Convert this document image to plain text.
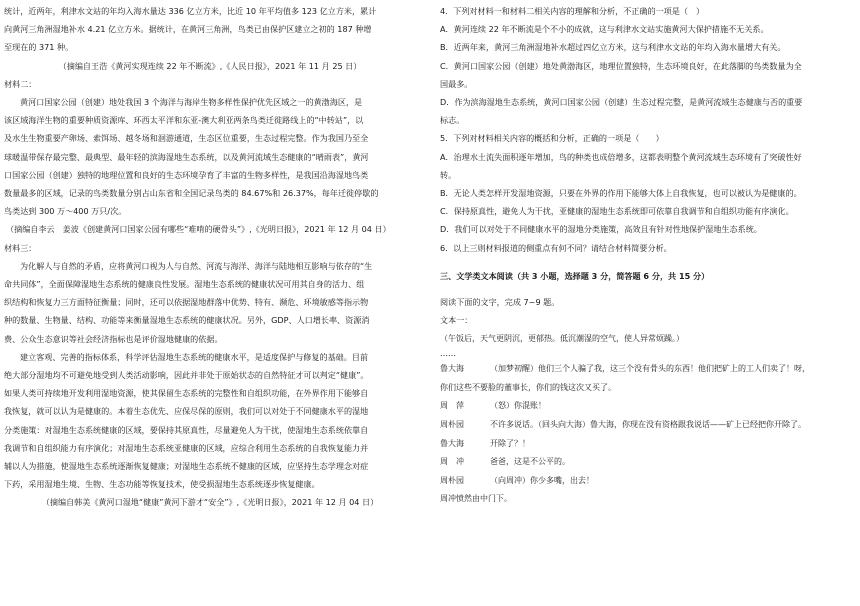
统计，近两年，利津水文站的年均入海水量达 336 亿立方米，比近 10 年平均值多 123 亿立方米，累计

向黄河三角洲湿地补水 4.21 亿立方米。据统计，在黄河三角洲，鸟类已由保护区建立之初的 187 种增

至现在的 371 种。

（摘编自王浩《黄河实现连续 22 年不断流》,《人民日报》，2021 年 11 月 25 日）

材料二：

黄河口国家公园（创建）地处我国 3 个海洋与海岸生物多样性保护优先区域之一的黄渤海区，是

该区域海洋生物的重要种质资源库、环西太平洋和东亚-澳大利亚两条鸟类迁徙路线上的“中转站”，以

及水生生物重要产卵场、索饵场、越冬场和洄游通道，生态区位重要，生态过程完整。作为我国乃至全

球暖温带保存最完整、最典型、最年轻的滨海湿地生态系统，以及黄河流域生态健康的“晴雨表”，黄河

口国家公园（创建）独特的地理位置和良好的生态环境孕育了丰富的生物多样性，是我国沿海湿地鸟类

数量最多的区域，记录的鸟类数量分别占山东省和全国记录鸟类的 84.67%和 26.37%，每年迁徙停歇的

鸟类达到 300 万～400 万只/次。

（摘编自李云　姜波《创建黄河口国家公园有哪些“难啃的硬骨头”》,《光明日报》，2021 年 12 月 04 日）

材料三：

为化解人与自然的矛盾，应将黄河口视为人与自然、河流与海洋、海洋与陆地相互影响与依存的“生

命共同体”，全面保障湿地生态系统的健康良性发展。湿地生态系统的健康状况可用其自身的活力、组

织结构和恢复力三方面特征衡量；同时，还可以依据湿地群落中优势、特有、濒危、环境敏感等指示物

种的数量、生物量、结构、功能等来衡量湿地生态系统的健康状况。另外，GDP、人口增长率、资源消

费、公众生态意识等社会经济指标也是评价湿地健康的依据。

建立客观、完善的指标体系，科学评估湿地生态系统的健康水平，是适度保护与修复的基础。目前

绝大部分湿地均不可避免地受到人类活动影响，因此并非处于原始状态的自然特征才可以判定“健康”。

如果人类可持续地开发利用湿地资源，使其保留生态系统的完整性和自组织功能，在外界作用下能够自

我恢复，就可以认为是健康的。本着生态优先、应保尽保的原则，我们可以对处于不同健康水平的湿地

分类施策：对湿地生态系统健康的区域，要保持其原真性，尽量避免人为干扰，使湿地生态系统依靠自

我调节和自组织能力有序演化；对湿地生态系统亚健康的区域，应综合利用生态系统的自我恢复能力并

辅以人为措施，使湿地生态系统逐渐恢复健康；对湿地生态系统不健康的区域，应坚持生态学理念对症

下药，采用湿地生境、生物、生态功能等恢复技术，使受损湿地生态系统逐步恢复健康。

（摘编自韩美《黄河口湿地“健康”黄河下游才“安全”》,《光明日报》，2021 年 12 月 04 日）

4．下列对材料一和材料二相关内容的理解和分析，不正确的一项是（　）

A．黄河连续 22 年不断流是个不小的成就，这与利津水文站实施黄河大保护措施不无关系。

B．近两年来，黄河三角洲湿地补水超过四亿立方米，这与利津水文站的年均入海水量增大有关。

C．黄河口国家公园（创建）地处黄渤海区，地理位置独特，生态环境良好，在此落脚的鸟类数量为全

国最多。

D．作为滨海湿地生态系统，黄河口国家公园（创建）生态过程完整，是黄河流域生态健康与否的重要

标志。

5．下列对材料相关内容的概括和分析，正确的一项是（　　）

A．治理水土流失面积逐年增加，鸟的种类也成倍增多，这都表明整个黄河流域生态环境有了突破性好

转。

B．无论人类怎样开发湿地资源，只要在外界的作用下能够大体上自我恢复，也可以被认为是健康的。

C．保持原真性，避免人为干扰，亚健康的湿地生态系统即可依靠自我调节和自组织功能有序演化。

D．我们可以对处于不同健康水平的湿地分类施策，高效且有针对性地保护湿地生态系统。

6．以上三则材料报道的侧重点有何不同？请结合材料简要分析。

三、文学类文本阅读（共 3 小题，选择题 3 分，简答题 6 分，共 15 分）

阅读下面的文字，完成 7~9 题。

文本一：

（午饭后，天气更阴沉，更郁热。低沉潮湿的空气，使人异常烦躁。）

……

鲁大海	（加梦初醒）他们三个人骗了我，这三个没有骨头的东西！他们把矿上的工人们卖了！呀，

你们这些不要脸的董事长，你们的钱这次又买了。

周　萍	（怒）你混账！

周朴园	不许多说话。（回头向大海）鲁大海，你现在没有资格跟我说话——矿上已经把你开除了。

鲁大海	开除了？！

周　冲	爸爸，这是不公平的。

周朴园	（向周冲）你少多嘴，出去！

周冲愤然由中门下。
